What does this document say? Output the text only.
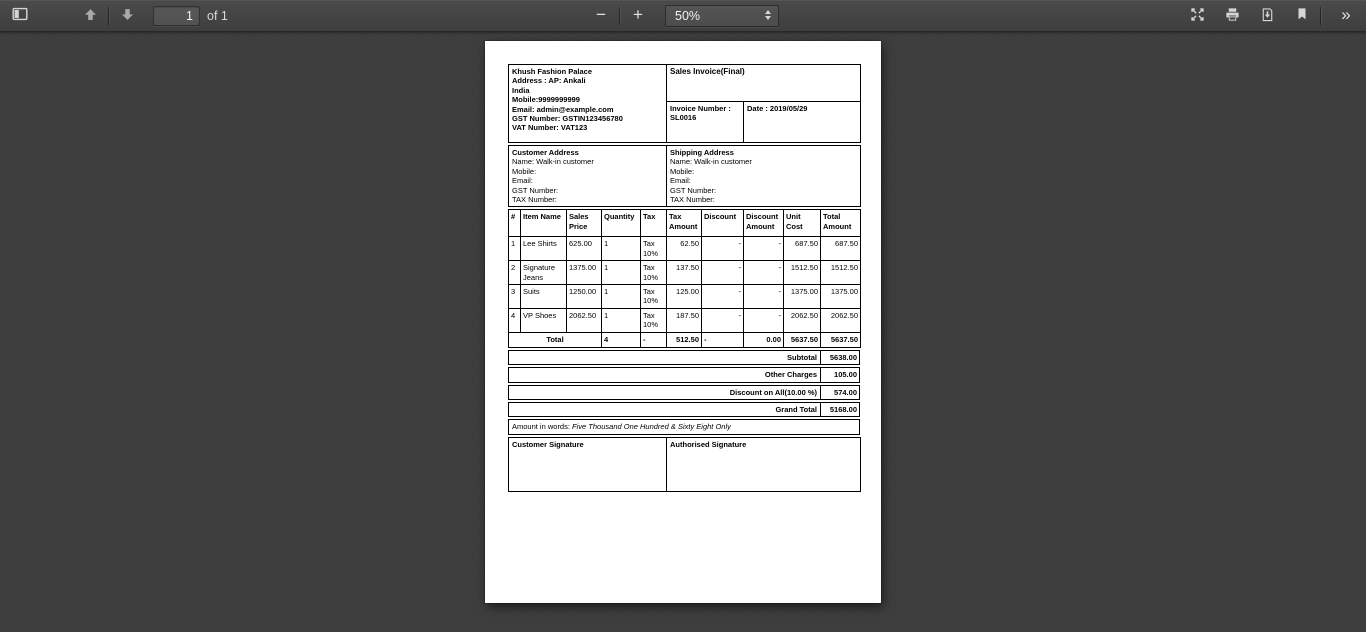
1
of 1	− +	50%	»
Khush Fashion Palace
Address : AP: Ankali
India
Mobile:9999999999
Email: admin@example.com
GST Number: GSTIN123456780
VAT Number: VAT123
	Sales Invoice(Final)

	Invoice Number :
SL0016	Date : 2019/05/29
Customer Address
Name: Walk-in customer
Mobile:
Email:
GST Number:
TAX Number:

Shipping Address
Name: Walk-in customer
Mobile:
Email:
GST Number:
TAX Number:
#	Item Name	Sales Price	Quantity	Tax	Tax Amount	Discount	Discount Amount	Unit Cost	Total Amount
1	Lee Shirts	625.00	1	Tax 10%	62.50	-	-	687.50	687.50
2	Signature Jeans	1375.00	1	Tax 10%	137.50	-	-	1512.50	1512.50
3	Suits	1250.00	1	Tax 10%	125.00	-	-	1375.00	1375.00
4	VP Shoes	2062.50	1	Tax 10%	187.50	-	-	2062.50	2062.50
Total			4	-	512.50	-	0.00	5637.50	5637.50
Subtotal	5638.00
Other Charges	105.00
Discount on All(10.00 %)	574.00
Grand Total	5168.00
Amount in words: Five Thousand One Hundred & Sixty Eight Only
Customer Signature	Authorised Signature
